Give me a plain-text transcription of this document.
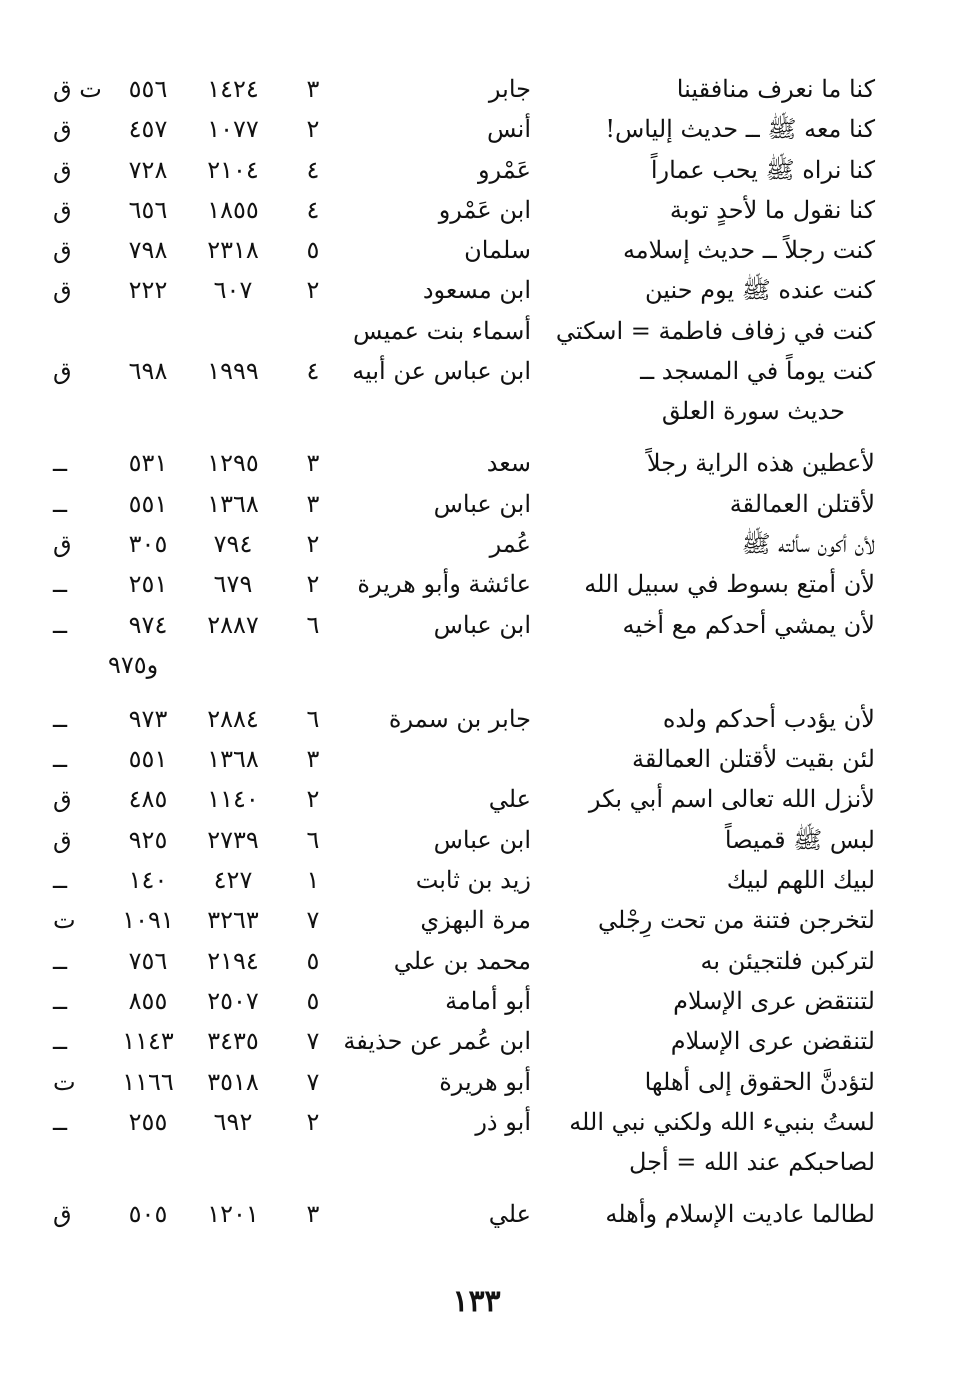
كنا ما نعرف منافقينا
جابر
٣
١٤٢٤
٥٥٦
ت ق
كنا معه ﷺ ــ حديث إلياس!
أنس
٢
١٠٧٧
٤٥٧
ق
كنا نراه ﷺ يحب عماراً
عَمْرو
٤
٢١٠٤
٧٢٨
ق
كنا نقول ما لأحدٍ توبة
ابن عَمْرو
٤
١٨٥٥
٦٥٦
ق
كنت رجلاً ــ حديث إسلامه
سلمان
٥
٢٣١٨
٧٩٨
ق
كنت عنده ﷺ يوم حنين
ابن مسعود
٢
٦٠٧
٢٢٢
ق
كنت في زفاف فاطمة = اسكتي
أسماء بنت عميس
كنت يوماً في المسجد ــ
ابن عباس عن أبيه
٤
١٩٩٩
٦٩٨
ق
حديث سورة العلق
لأعطين هذه الراية رجلاً
سعد
٣
١٢٩٥
٥٣١
ــ
لأقتلن العمالقة
ابن عباس
٣
١٣٦٨
٥٥١
ــ
لأن أكون سألته ﷺ
عُمر
٢
٧٩٤
٣٠٥
ق
لأن أمتع بسوط في سبيل الله
عائشة وأبو هريرة
٢
٦٧٩
٢٥١
ــ
لأن يمشي أحدكم مع أخيه
ابن عباس
٦
٢٨٨٧
٩٧٤
ــ
و٩٧٥
لأن يؤدب أحدكم ولده
جابر بن سمرة
٦
٢٨٨٤
٩٧٣
ــ
لئن بقيت لأقتلن العمالقة
٣
١٣٦٨
٥٥١
ــ
لأنزل الله تعالى اسم أبي بكر
علي
٢
١١٤٠
٤٨٥
ق
لبس ﷺ قميصاً
ابن عباس
٦
٢٧٣٩
٩٢٥
ق
لبيك اللهم لبيك
زيد بن ثابت
١
٤٢٧
١٤٠
ــ
لتخرجن فتنة من تحت رِجْلي
مرة البهزي
٧
٣٢٦٣
١٠٩١
ت
لتركبن فلتجيئن به
محمد بن علي
٥
٢١٩٤
٧٥٦
ــ
لتنتقض عرى الإسلام
أبو أمامة
٥
٢٥٠٧
٨٥٥
ــ
لتنقضن عرى الإسلام
ابن عُمر عن حذيفة
٧
٣٤٣٥
١١٤٣
ــ
لتؤدنَّ الحقوق إلى أهلها
أبو هريرة
٧
٣٥١٨
١١٦٦
ت
لستُ بنبيء الله ولكني نبي الله
أبو ذر
٢
٦٩٢
٢٥٥
ــ
لصاحبكم عند الله = أجل
لطالما عاديت الإسلام وأهله
علي
٣
١٢٠١
٥٠٥
ق
١٣٣
